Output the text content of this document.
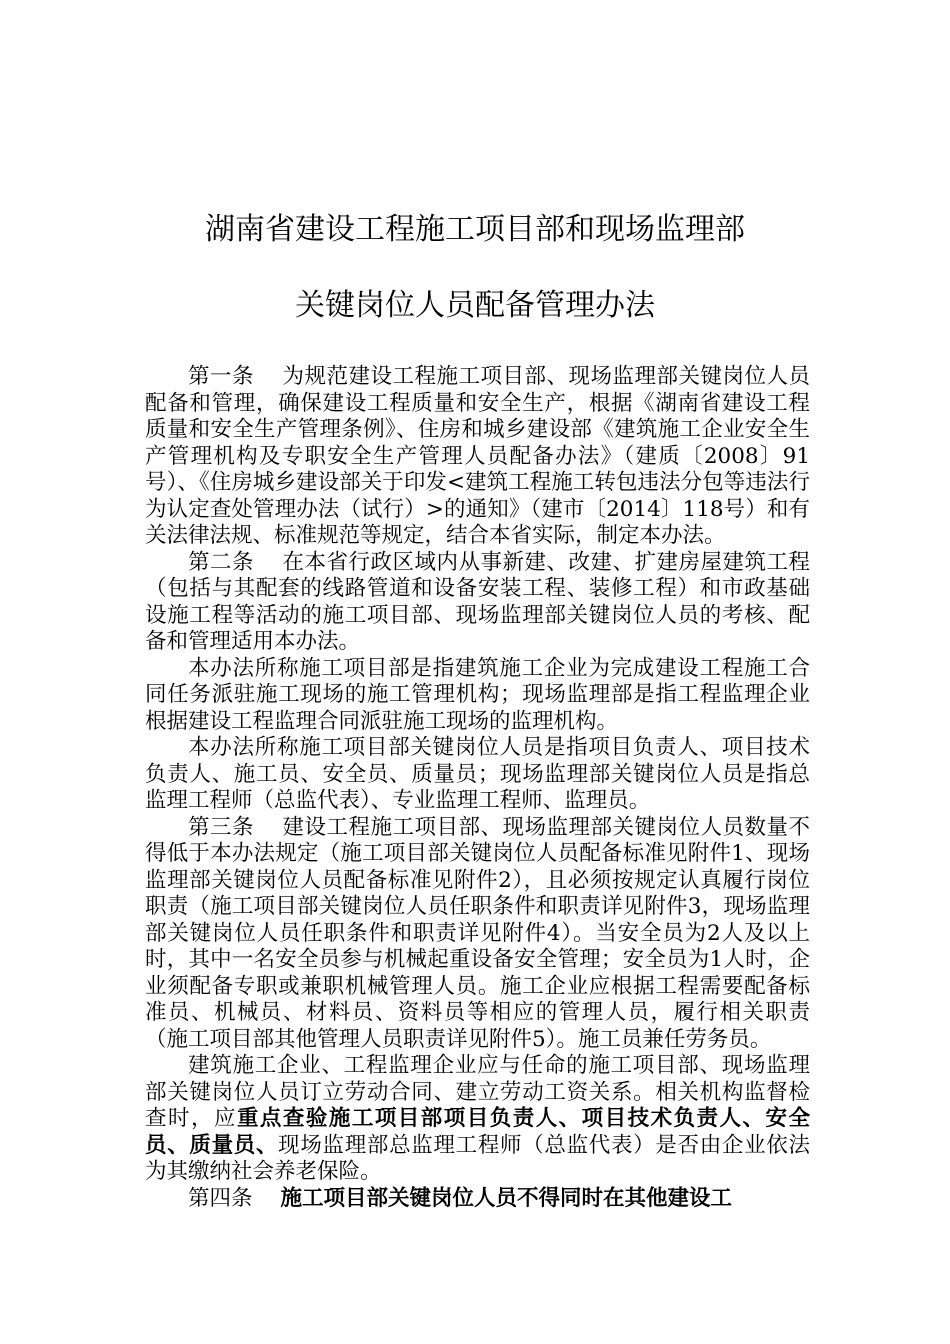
湖南省建设工程施工项目部和现场监理部
关键岗位人员配备管理办法

第一条 为规范建设工程施工项目部、现场监理部关键岗位人员配备和管理，确保建设工程质量和安全生产，根据《湖南省建设工程质量和安全生产管理条例》、住房和城乡建设部《建筑施工企业安全生产管理机构及专职安全生产管理人员配备办法》（建质〔2008〕91号）、《住房城乡建设部关于印发<建筑工程施工转包违法分包等违法行为认定查处管理办法（试行）>的通知》（建市〔2014〕118号）和有关法律法规、标准规范等规定，结合本省实际，制定本办法。

第二条 在本省行政区域内从事新建、改建、扩建房屋建筑工程（包括与其配套的线路管道和设备安装工程、装修工程）和市政基础设施工程等活动的施工项目部、现场监理部关键岗位人员的考核、配备和管理适用本办法。

本办法所称施工项目部是指建筑施工企业为完成建设工程施工合同任务派驻施工现场的施工管理机构；现场监理部是指工程监理企业根据建设工程监理合同派驻施工现场的监理机构。

本办法所称施工项目部关键岗位人员是指项目负责人、项目技术负责人、施工员、安全员、质量员；现场监理部关键岗位人员是指总监理工程师（总监代表）、专业监理工程师、监理员。

第三条 建设工程施工项目部、现场监理部关键岗位人员数量不得低于本办法规定（施工项目部关键岗位人员配备标准见附件1、现场监理部关键岗位人员配备标准见附件2），且必须按规定认真履行岗位职责（施工项目部关键岗位人员任职条件和职责详见附件3，现场监理部关键岗位人员任职条件和职责详见附件4）。当安全员为2人及以上时，其中一名安全员参与机械起重设备安全管理；安全员为1人时，企业须配备专职或兼职机械管理人员。施工企业应根据工程需要配备标准员、机械员、材料员、资料员等相应的管理人员，履行相关职责（施工项目部其他管理人员职责详见附件5）。施工员兼任劳务员。

建筑施工企业、工程监理企业应与任命的施工项目部、现场监理部关键岗位人员订立劳动合同、建立劳动工资关系。相关机构监督检查时，应重点查验施工项目部项目负责人、项目技术负责人、安全员、质量员、现场监理部总监理工程师（总监代表）是否由企业依法为其缴纳社会养老保险。

第四条 施工项目部关键岗位人员不得同时在其他建设工
